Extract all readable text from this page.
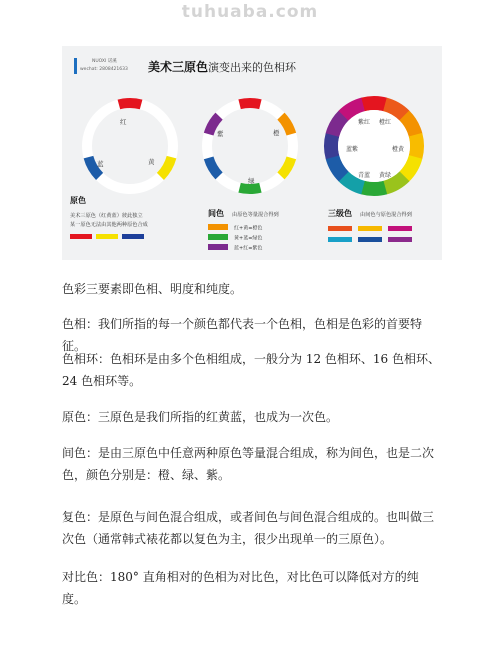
tuhuaba.com
NUOXI 诺溪
wechat: 2808421633 美术三原色 演变出来的色相环
红
蓝	黄
原色
美术三原色（红黄蓝）彼此独立
某一原色无法由其他两种原色合成
紫	橙
绿
间色 由原色等量混合得到
红+黄=橙色
黄+蓝=绿色
蓝+红=紫色
紫红 橙红
蓝紫	橙黄
青蓝 黄绿
三级色 由间色与原色混合得到
色彩三要素即色相、明度和纯度。
色相：我们所指的每一个颜色都代表一个色相，色相是色彩的首要特征。
色相环：色相环是由多个色相组成，一般分为 12 色相环、16 色相环、24 色相环等。
原色：三原色是我们所指的红黄蓝，也成为一次色。
间色：是由三原色中任意两种原色等量混合组成，称为间色，也是二次色，颜色分别是：橙、绿、紫。
复色：是原色与间色混合组成，或者间色与间色混合组成的。也叫做三次色（通常韩式裱花都以复色为主，很少出现单一的三原色）。
对比色：180° 直角相对的色相为对比色，对比色可以降低对方的纯度。
